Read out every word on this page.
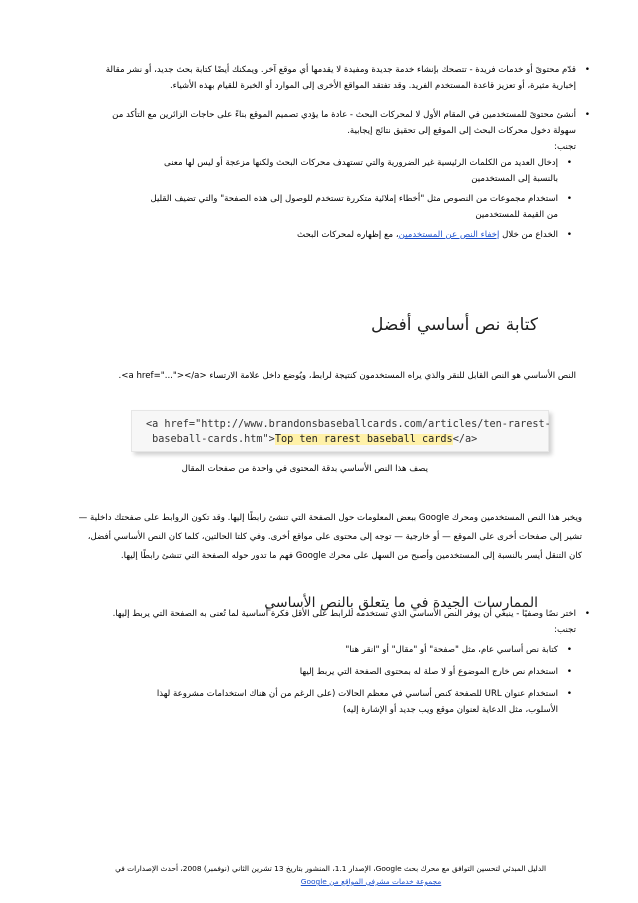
• قدّم محتوىً أو خدمات فريدة - تتصحك بإنشاء خدمة جديدة ومفيدة لا يقدمها أي موقع آخر. ويمكنك أيضًا كتابة بحث جديد، أو نشر مقالة
إخبارية مثيرة، أو تعزيز قاعدة المستخدم الفريد. وقد تفتقد المواقع الأخرى إلى الموارد أو الخبرة للقيام بهذه الأشياء.
• أنشئ محتوىً للمستخدمين في المقام الأول لا لمحركات البحث - عادة ما يؤدي تصميم الموقع بناءً على حاجات الزائرين مع التأكد من
سهولة دخول محركات البحث إلى الموقع إلى تحقيق نتائج إيجابية.
تجنب:
• إدخال العديد من الكلمات الرئيسية غير الضرورية والتي تستهدف محركات البحث ولكنها مزعجة أو ليس لها معنى
بالنسبة إلى المستخدمين
• استخدام مجموعات من النصوص مثل "أخطاء إملائية متكررة تستخدم للوصول إلى هذه الصفحة" والتي تضيف القليل
من القيمة للمستخدمين
• الخداع من خلال إخفاء النص عن المستخدمين، مع إظهاره لمحركات البحث
كتابة نص أساسي أفضل
النص الأساسي هو النص القابل للنقر والذي يراه المستخدمون كنتيجة لرابط، ويُوضع داخل علامة الارتساء <a href="..."></a>.
<a href="http://www.brandonsbaseballcards.com/articles/ten-rarest-
baseball-cards.htm">Top ten rarest baseball cards</a>
يصف هذا النص الأساسي بدقة المحتوى في واحدة من صفحات المقال
ويخبر هذا النص المستخدمين ومحرك Google ببعض المعلومات حول الصفحة التي تنشئ رابطًا إليها. وقد تكون الروابط على صفحتك داخلية —
تشير إلى صفحات أخرى على الموقع — أو خارجية — توجه إلى محتوى على مواقع أخرى. وفي كلتا الحالتين، كلما كان النص الأساسي أفضل،
كان التنقل أيسر بالنسبة إلى المستخدمين وأصبح من السهل على محرك Google فهم ما تدور حوله الصفحة التي تنشئ رابطًا إليها.
الممارسات الجيدة في ما يتعلق بالنص الأساسي
• اختر نصًا وصفيًا - ينبغي أن يوفر النص الأساسي الذي تستخدمه للرابط على الأقل فكرة أساسية لما تُعنى به الصفحة التي يربط إليها.
تجنب:
• كتابة نص أساسي عام، مثل "صفحة" أو "مقال" أو "انقر هنا"
• استخدام نص خارج الموضوع أو لا صلة له بمحتوى الصفحة التي يربط إليها
• استخدام عنوان URL للصفحة كنص أساسي في معظم الحالات (على الرغم من أن هناك استخدامات مشروعة لهذا
الأسلوب، مثل الدعاية لعنوان موقع ويب جديد أو الإشارة إليه)
الدليل المبدئي لتحسين التوافق مع محرك بحث Google، الإصدار 1.1، المنشور بتاريخ 13 تشرين الثاني (نوفمبر) 2008، أحدث الإصدارات في
مجموعة خدمات مشرفي المواقع من Google
